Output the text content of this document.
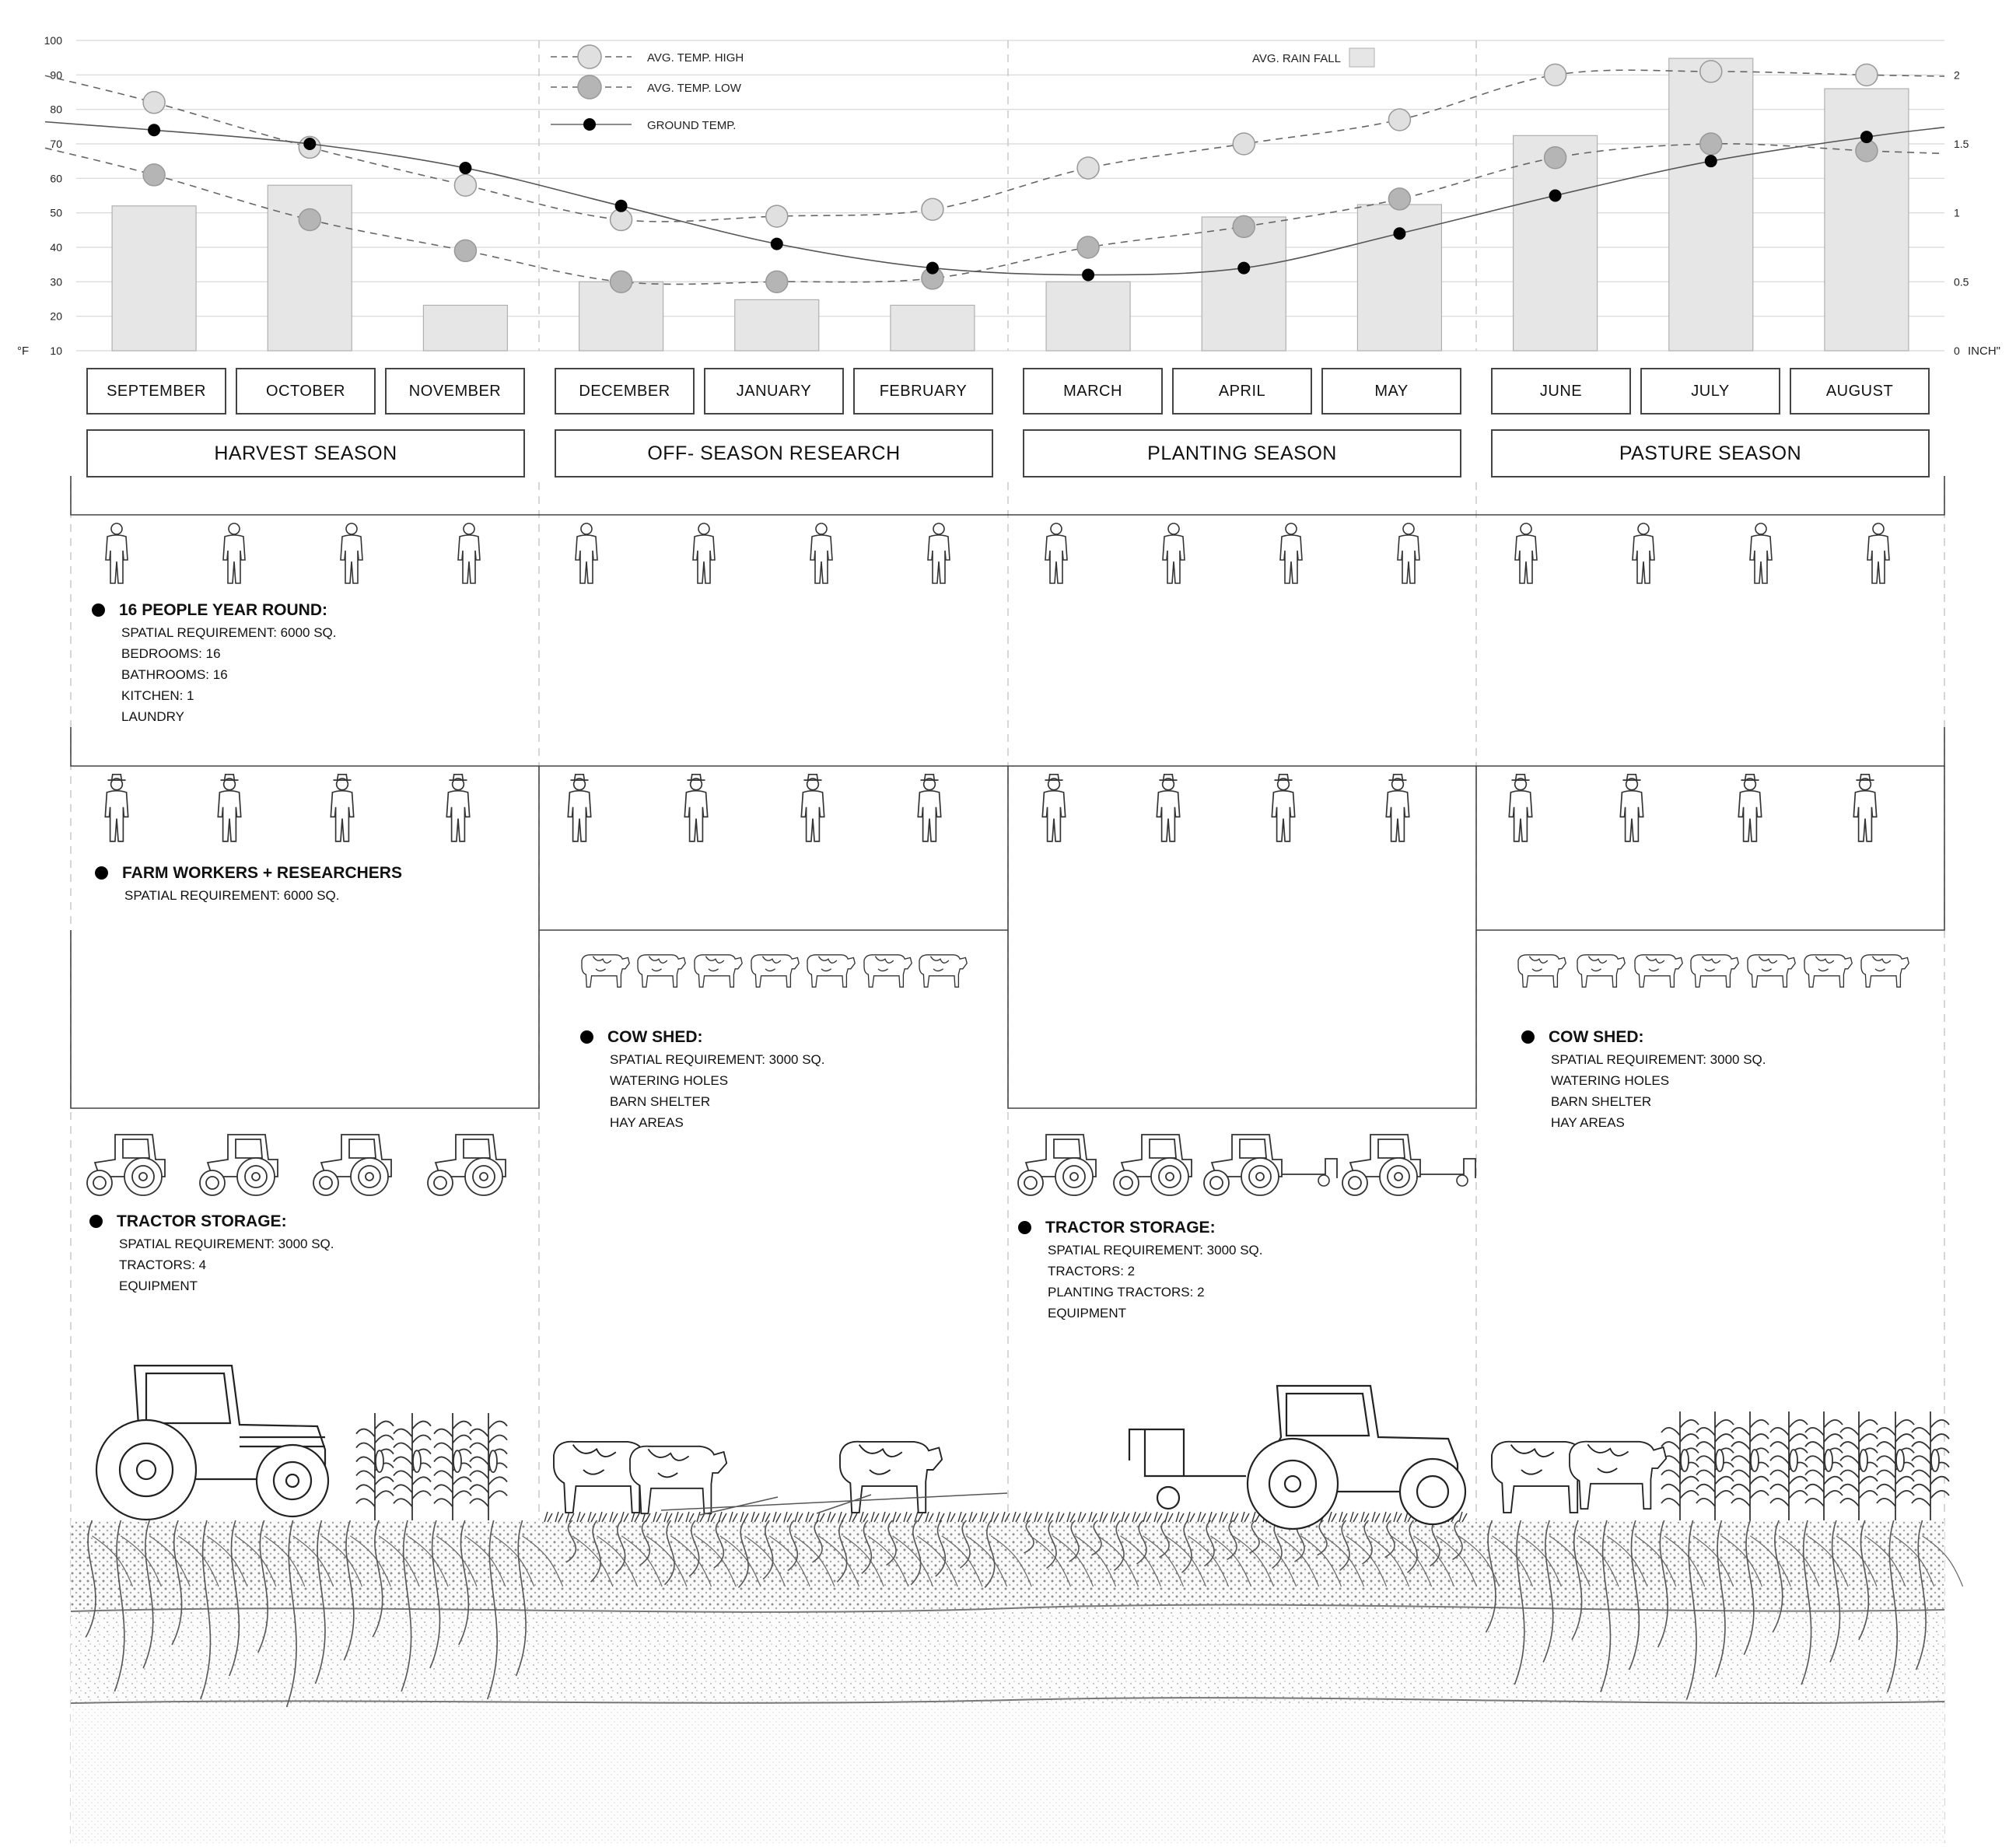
10
20
30
40
50
60
70
80
90
100
0
0.5
1
1.5
2
°F	INCH"
AVG. TEMP. HIGH
AVG. TEMP. LOW
GROUND TEMP.
AVG. RAIN FALL
SEPTEMBER	OCTOBER	NOVEMBER	DECEMBER	JANUARY	FEBRUARY	MARCH	APRIL	MAY	JUNE	JULY	AUGUST
HARVEST SEASON	OFF- SEASON RESEARCH	PLANTING SEASON	PASTURE SEASON
16 PEOPLE YEAR ROUND:
SPATIAL REQUIREMENT: 6000 SQ.
BEDROOMS: 16
BATHROOMS: 16
KITCHEN: 1
LAUNDRY
FARM WORKERS + RESEARCHERS
SPATIAL REQUIREMENT: 6000 SQ.
COW SHED:
SPATIAL REQUIREMENT: 3000 SQ.
WATERING HOLES
BARN SHELTER
HAY AREAS
COW SHED:
SPATIAL REQUIREMENT: 3000 SQ.
WATERING HOLES
BARN SHELTER
HAY AREAS
TRACTOR STORAGE:
SPATIAL REQUIREMENT: 3000 SQ.
TRACTORS: 4
EQUIPMENT
TRACTOR STORAGE:
SPATIAL REQUIREMENT: 3000 SQ.
TRACTORS: 2
PLANTING TRACTORS: 2
EQUIPMENT
